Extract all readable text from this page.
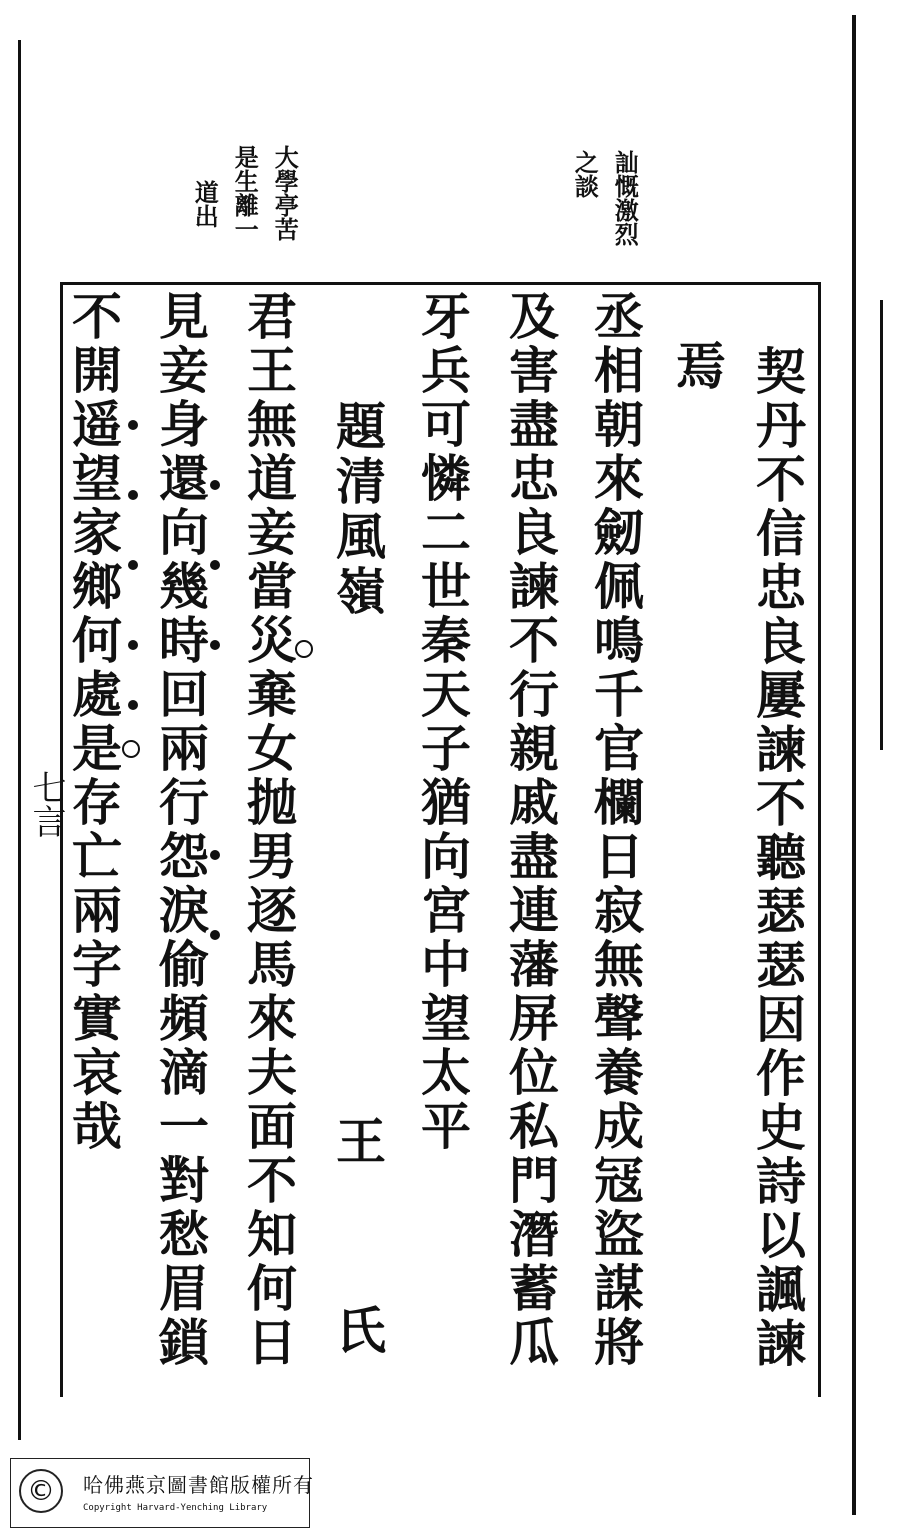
訕慨激烈
之談
大學亭苦
是生離一
道出
契丹不信忠良屢諫不聽瑟瑟因作史詩以諷諫
焉
丞相朝來劒佩鳴千官欄日寂無聲養成冦盜謀將
及害盡忠良諫不行親戚盡連藩屏位私門潛蓄瓜
牙兵可憐二世秦天子猶向宮中望太平
題清風嶺
王 氏
君王無道妾當災棄女抛男逐馬來夫面不知何日
見妾身還向幾時回兩行怨淚偷頻滴一對愁眉鎖
不開遥望家鄉何處是存亡兩字實哀哉
七言
©	哈佛燕京圖書館版權所有
Copyright Harvard-Yenching Library
